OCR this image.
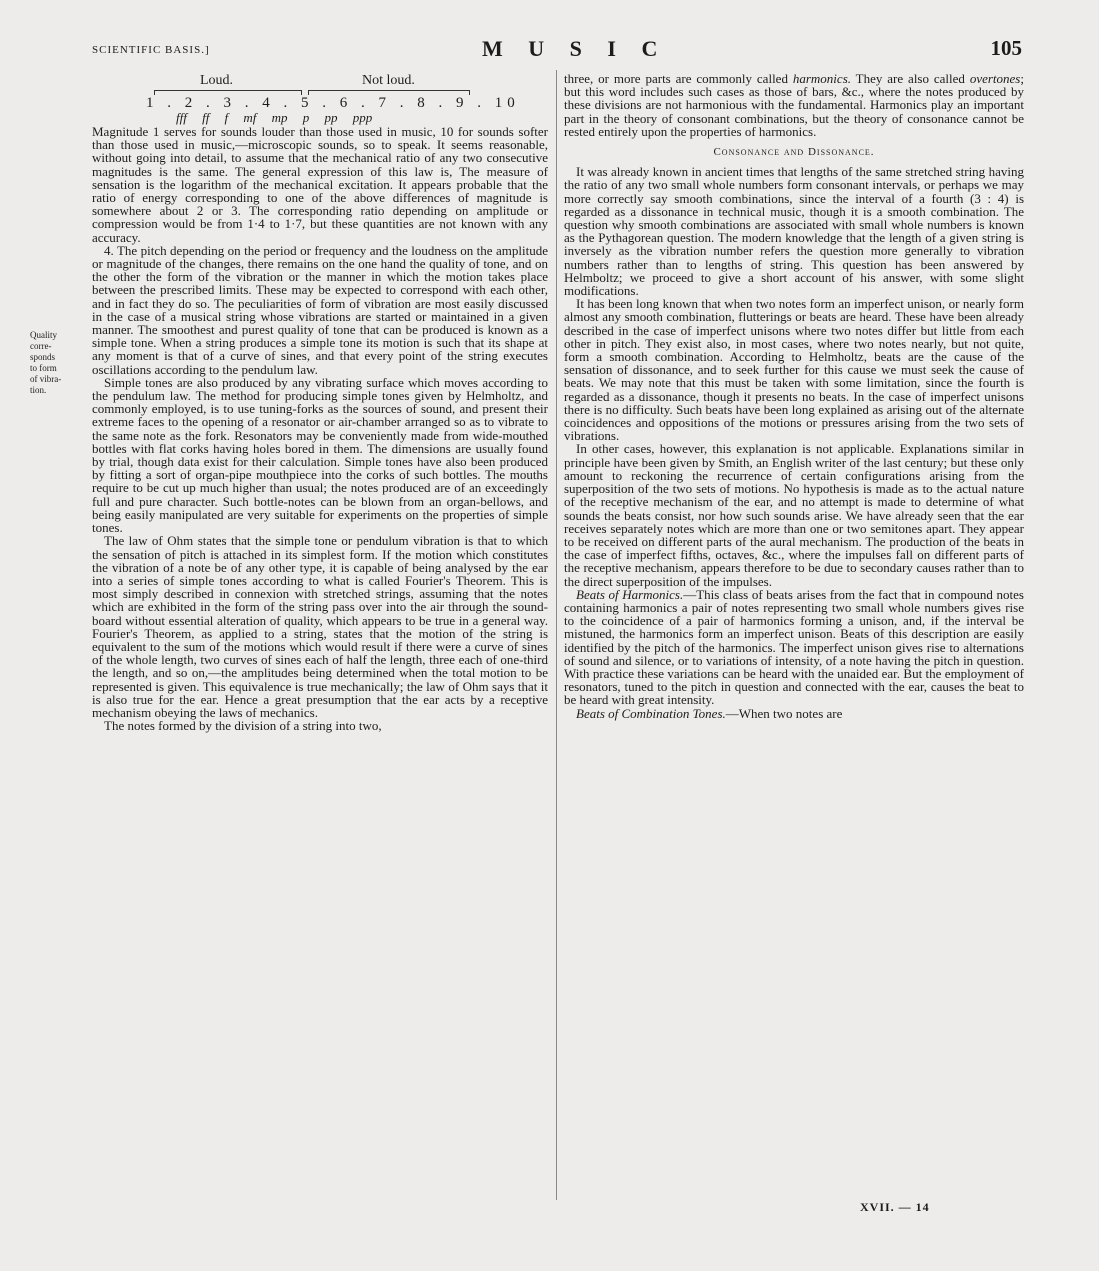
SCIENTIFIC BASIS.]	M U S I C	105
Quality corre-sponds to form of vibra-tion.
Loud.	Not loud.
1 . 2 . 3 . 4 . 5 . 6 . 7 . 8 . 9 . 10
fff ff f mf mp p pp ppp

Magnitude 1 serves for sounds louder than those used in music, 10 for sounds softer than those used in music,—microscopic sounds, so to speak. It seems reasonable, without going into detail, to assume that the mechanical ratio of any two consecutive magnitudes is the same. The general expression of this law is, The measure of sensation is the logarithm of the mechanical excitation. It appears probable that the ratio of energy corresponding to one of the above differences of magnitude is somewhere about 2 or 3. The corresponding ratio depending on amplitude or compression would be from 1·4 to 1·7, but these quantities are not known with any accuracy.

4. The pitch depending on the period or frequency and the loudness on the amplitude or magnitude of the changes, there remains on the one hand the quality of tone, and on the other the form of the vibration or the manner in which the motion takes place between the prescribed limits. These may be expected to correspond with each other, and in fact they do so. The peculiarities of form of vibration are most easily discussed in the case of a musical string whose vibrations are started or maintained in a given manner. The smoothest and purest quality of tone that can be produced is known as a simple tone. When a string produces a simple tone its motion is such that its shape at any moment is that of a curve of sines, and that every point of the string executes oscillations according to the pendulum law.

Simple tones are also produced by any vibrating surface which moves according to the pendulum law. The method for producing simple tones given by Helmholtz, and commonly employed, is to use tuning-forks as the sources of sound, and present their extreme faces to the opening of a resonator or air-chamber arranged so as to vibrate to the same note as the fork. Resonators may be conveniently made from wide-mouthed bottles with flat corks having holes bored in them. The dimensions are usually found by trial, though data exist for their calculation. Simple tones have also been produced by fitting a sort of organ-pipe mouthpiece into the corks of such bottles. The mouths require to be cut up much higher than usual; the notes produced are of an exceedingly full and pure character. Such bottle-notes can be blown from an organ-bellows, and being easily manipulated are very suitable for experiments on the properties of simple tones.

The law of Ohm states that the simple tone or pendulum vibration is that to which the sensation of pitch is attached in its simplest form. If the motion which constitutes the vibration of a note be of any other type, it is capable of being analysed by the ear into a series of simple tones according to what is called Fourier's Theorem. This is most simply described in connexion with stretched strings, assuming that the notes which are exhibited in the form of the string pass over into the air through the sound-board without essential alteration of quality, which appears to be true in a general way. Fourier's Theorem, as applied to a string, states that the motion of the string is equivalent to the sum of the motions which would result if there were a curve of sines of the whole length, two curves of sines each of half the length, three each of one-third the length, and so on,—the amplitudes being determined when the total motion to be represented is given. This equivalence is true mechanically; the law of Ohm says that it is also true for the ear. Hence a great presumption that the ear acts by a receptive mechanism obeying the laws of mechanics.

The notes formed by the division of a string into two,

three, or more parts are commonly called harmonics. They are also called overtones; but this word includes such cases as those of bars, &c., where the notes produced by these divisions are not harmonious with the fundamental. Harmonics play an important part in the theory of consonant combinations, but the theory of consonance cannot be rested entirely upon the properties of harmonics.

Consonance and Dissonance.

It was already known in ancient times that lengths of the same stretched string having the ratio of any two small whole numbers form consonant intervals, or perhaps we may more correctly say smooth combinations, since the interval of a fourth (3 : 4) is regarded as a dissonance in technical music, though it is a smooth combination. The question why smooth combinations are associated with small whole numbers is known as the Pythagorean question. The modern knowledge that the length of a given string is inversely as the vibration number refers the question more generally to vibration numbers rather than to lengths of string. This question has been answered by Helmboltz; we proceed to give a short account of his answer, with some slight modifications.

It has been long known that when two notes form an imperfect unison, or nearly form almost any smooth combination, flutterings or beats are heard. These have been already described in the case of imperfect unisons where two notes differ but little from each other in pitch. They exist also, in most cases, where two notes nearly, but not quite, form a smooth combination. According to Helmholtz, beats are the cause of the sensation of dissonance, and to seek further for this cause we must seek the cause of beats. We may note that this must be taken with some limitation, since the fourth is regarded as a dissonance, though it presents no beats. In the case of imperfect unisons there is no difficulty. Such beats have been long explained as arising out of the alternate coincidences and oppositions of the motions or pressures arising from the two sets of vibrations.

In other cases, however, this explanation is not applicable. Explanations similar in principle have been given by Smith, an English writer of the last century; but these only amount to reckoning the recurrence of certain configurations arising from the superposition of the two sets of motions. No hypothesis is made as to the actual nature of the receptive mechanism of the ear, and no attempt is made to determine of what sounds the beats consist, nor how such sounds arise. We have already seen that the ear receives separately notes which are more than one or two semitones apart. They appear to be received on different parts of the aural mechanism. The production of the beats in the case of imperfect fifths, octaves, &c., where the impulses fall on different parts of the receptive mechanism, appears therefore to be due to secondary causes rather than to the direct superposition of the impulses.

Beats of Harmonics.—This class of beats arises from the fact that in compound notes containing harmonics a pair of notes representing two small whole numbers gives rise to the coincidence of a pair of harmonics forming a unison, and, if the interval be mistuned, the harmonics form an imperfect unison. Beats of this description are easily identified by the pitch of the harmonics. The imperfect unison gives rise to alternations of sound and silence, or to variations of intensity, of a note having the pitch in question. With practice these variations can be heard with the unaided ear. But the employment of resonators, tuned to the pitch in question and connected with the ear, causes the beat to be heard with great intensity.

Beats of Combination Tones.—When two notes are

XVII. — 14
